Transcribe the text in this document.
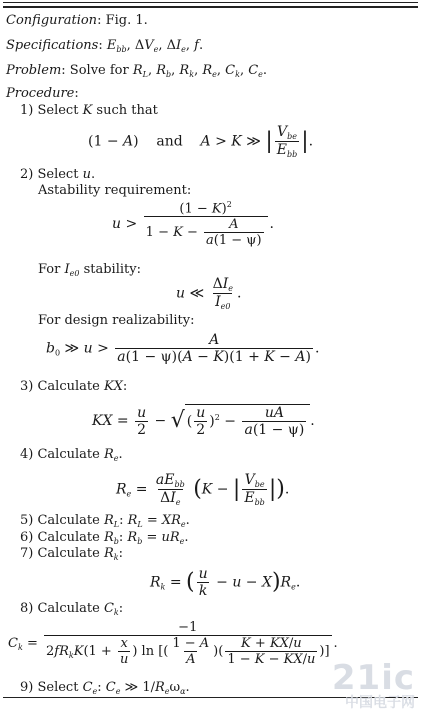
Configuration: Fig. 1.
Specifications: $E_{bb}$, $\Delta V_e$, $\Delta I_e$, f.
Problem: Solve for $R_L$, $R_b$, $R_k$, $R_e$, $C_k$, $C_e$.
Procedure:
1) Select K such that
(1 − A)    and    A > K ≫ | $\frac{V_{be}}{E_{bb}}$ |.
2) Select u.
Astability requirement:
$u > \frac{(1 - K)^2}{1 - K - \frac{A}{a(1 - \psi)}}$ .
For $I_{e0}$ stability:
u ≪ $\frac{\Delta I_e}{I_{e0}}$ .
For design realizability:
$b_0$ ≫ $u > \frac{A}{a(1 - \psi)(A - K)(1 + K - A)}$ .
3) Calculate KX:
KX = $\frac{u}{2}$ − √ ( $\frac{u}{2} )^2 - \frac{uA}{a(1 - \psi)}$ .
4) Calculate $R_e$.
$R_e = \frac{aE_{bb}}{\Delta I_e} (K$ − | $\frac{V_{be}}{E_{bb}}$ |).
5) Calculate $R_L$: $R_L = XR_e$.
6) Calculate $R_b$: $R_b = uR_e$.
7) Calculate $R_k$:
$R_k$ = ( $\frac{u}{k} - u - X)R_e$.
8) Calculate $C_k$:
$C_k = \frac{-1}{2fR_kK(1 + \frac{x}{u} ) \ln [( \frac{1 - A}{A} )( \frac{K + KX/u}{1 - K - KX/u} )]}$ .
9) Select $C_e$: $C_e$ ≫ $1/R_e\omega_\alpha$.	21ic
中国电子网
